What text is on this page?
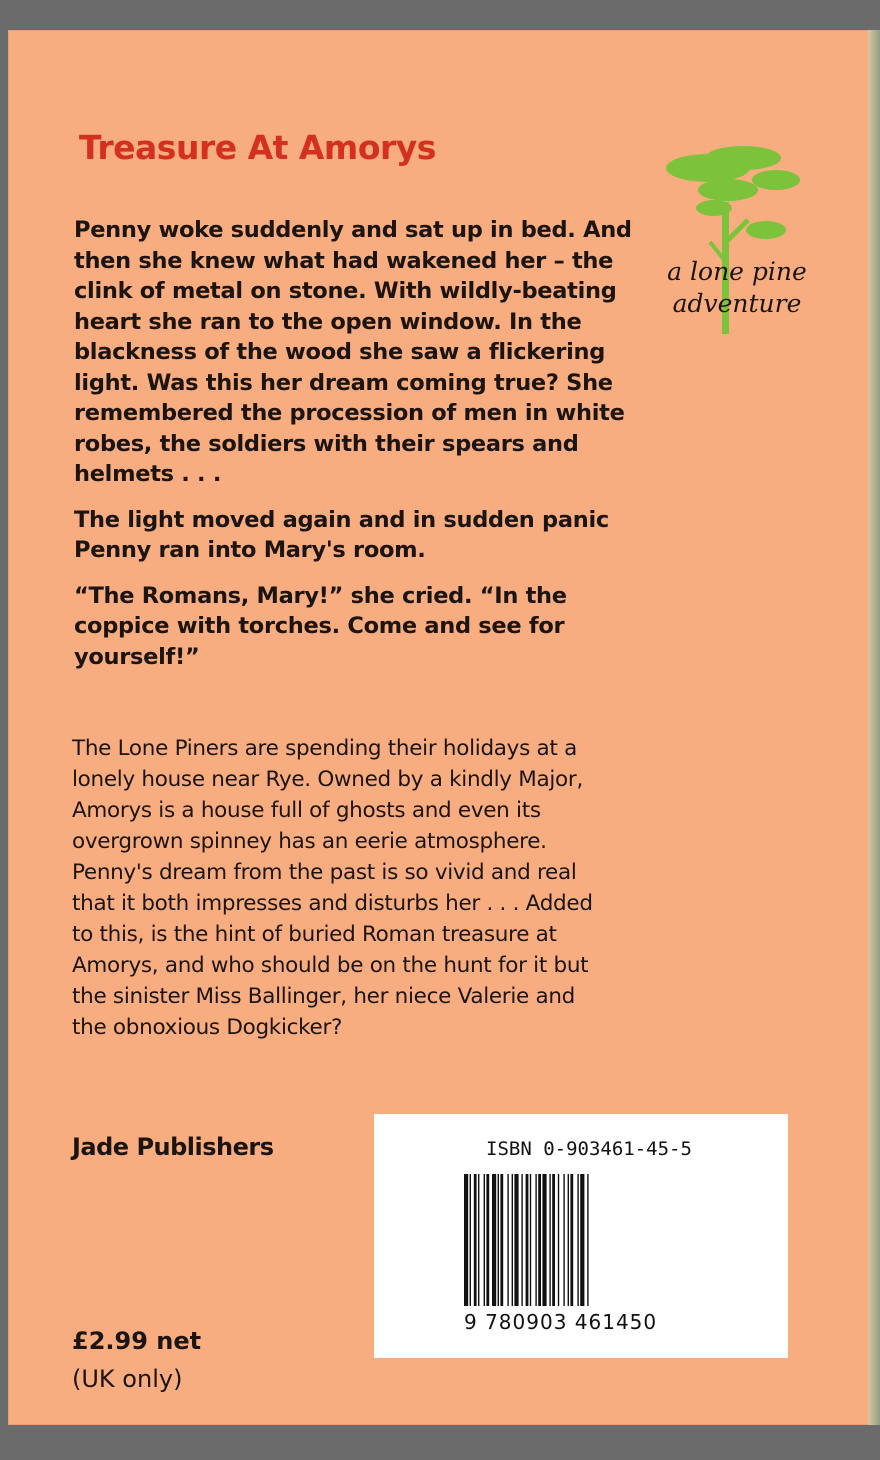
Treasure At Amorys
a lone pine
adventure

Penny woke suddenly and sat up in bed. And then she knew what had wakened her – the clink of metal on stone. With wildly-beating heart she ran to the open window. In the blackness of the wood she saw a flickering light. Was this her dream coming true? She remembered the procession of men in white robes, the soldiers with their spears and helmets . . .

The light moved again and in sudden panic Penny ran into Mary's room.

“The Romans, Mary!” she cried. “In the coppice with torches. Come and see for yourself!”

The Lone Piners are spending their holidays at a lonely house near Rye. Owned by a kindly Major, Amorys is a house full of ghosts and even its overgrown spinney has an eerie atmosphere. Penny's dream from the past is so vivid and real that it both impresses and disturbs her . . . Added to this, is the hint of buried Roman treasure at Amorys, and who should be on the hunt for it but the sinister Miss Ballinger, her niece Valerie and the obnoxious Dogkicker?

Jade Publishers

£2.99 net
(UK only)
ISBN 0-903461-45-5
9 780903 461450
